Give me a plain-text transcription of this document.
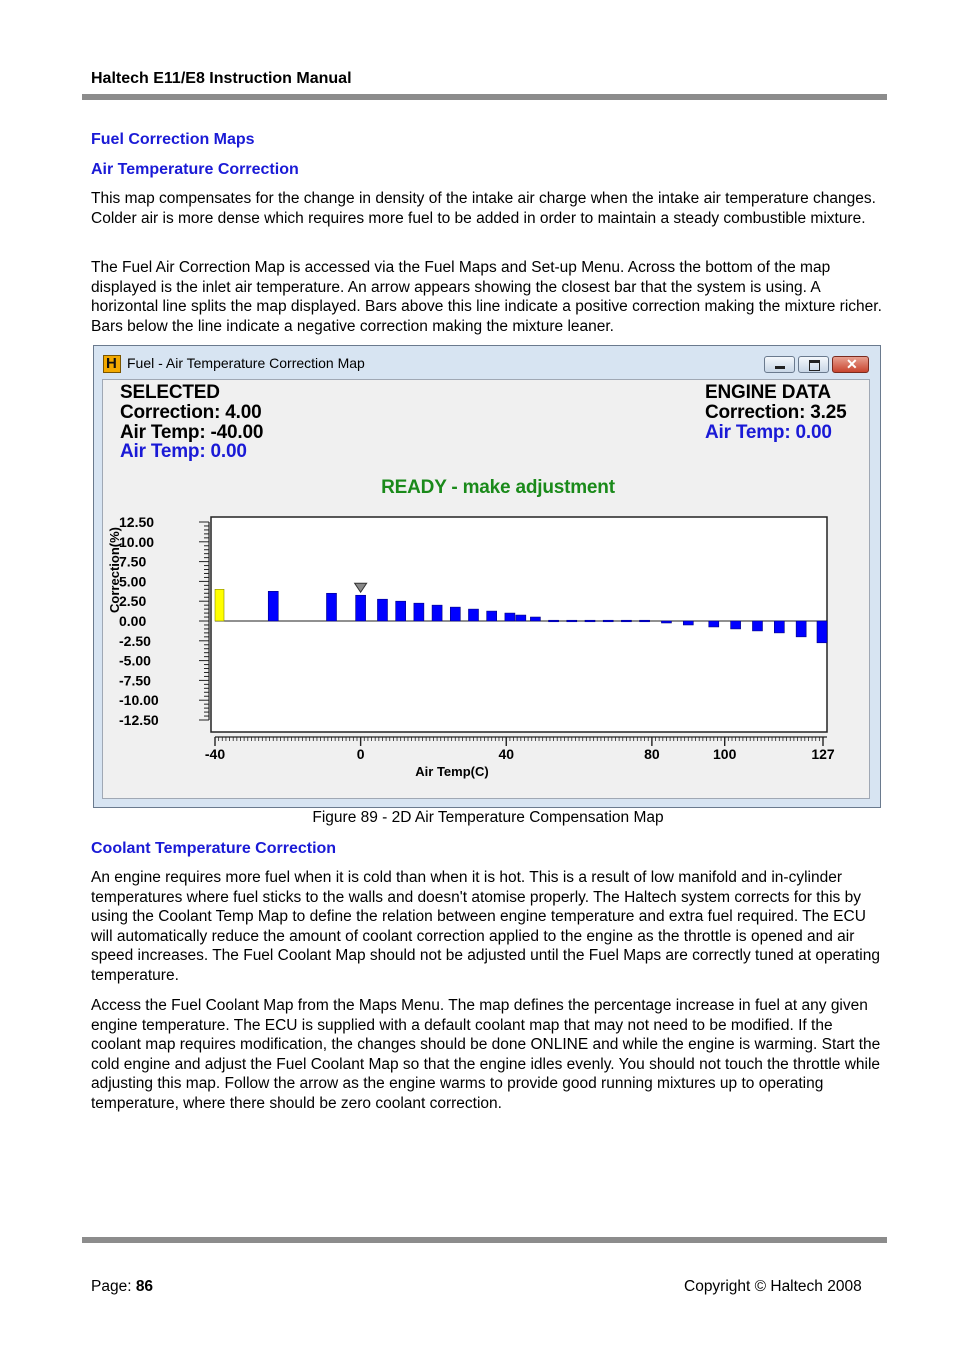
Haltech E11/E8 Instruction Manual
Fuel Correction Maps
Air Temperature Correction

This map compensates for the change in density of the intake air charge when the intake air temperature changes. Colder air is more dense which requires more fuel to be added in order to maintain a steady combustible mixture.

The Fuel Air Correction Map is accessed via the Fuel Maps and Set-up Menu. Across the bottom of the map displayed is the inlet air temperature. An arrow appears showing the closest bar that the system is using. A horizontal line splits the map displayed. Bars above this line indicate a positive correction making the mixture richer. Bars below the line indicate a negative correction making the mixture leaner.

H
Fuel - Air Temperature Correction Map	✕
SELECTED
Correction: 4.00
Air Temp: -40.00
Air Temp: 0.00
ENGINE DATA
Correction: 3.25
Air Temp: 0.00
READY - make adjustment
12.50
10.00
7.50
5.00
2.50
0.00
-2.50
-5.00
-7.50
-10.00
-12.50
-40	0	40	80	100	127
Correction(%)
Air Temp(C)
Figure 89 - 2D Air Temperature Compensation Map
Coolant Temperature Correction

An engine requires more fuel when it is cold than when it is hot. This is a result of low manifold and in-cylinder temperatures where fuel sticks to the walls and doesn't atomise properly. The Haltech system corrects for this by using the Coolant Temp Map to define the relation between engine temperature and extra fuel required. The ECU will automatically reduce the amount of coolant correction applied to the engine as the throttle is opened and air speed increases. The Fuel Coolant Map should not be adjusted until the Fuel Maps are correctly tuned at operating temperature.

Access the Fuel Coolant Map from the Maps Menu. The map defines the percentage increase in fuel at any given engine temperature. The ECU is supplied with a default coolant map that may not need to be modified. If the coolant map requires modification, the changes should be done ONLINE and while the engine is warming. Start the cold engine and adjust the Fuel Coolant Map so that the engine idles evenly. You should not touch the throttle while adjusting this map. Follow the arrow as the engine warms to provide good running mixtures up to operating temperature, where there should be zero coolant correction.

Page: 86	Copyright © Haltech 2008
